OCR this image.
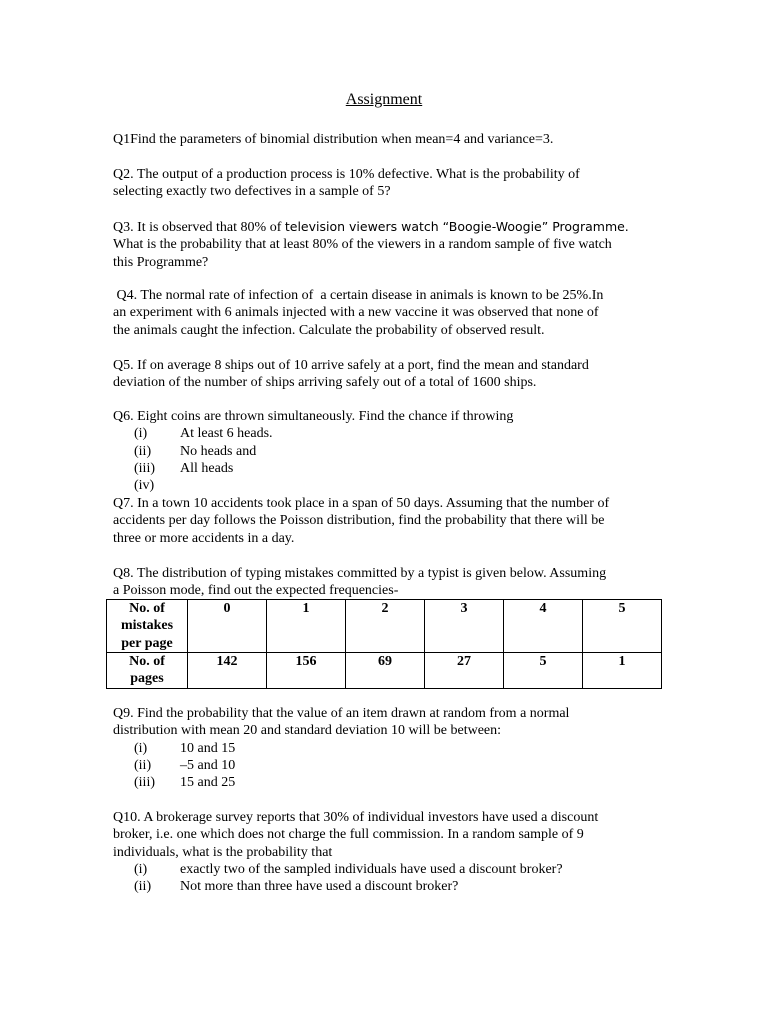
Assignment

Q1Find the parameters of binomial distribution when mean=4 and variance=3.

Q2. The output of a production process is 10% defective. What is the probability of

selecting exactly two defectives in a sample of 5?

Q3. It is observed that 80% of television viewers watch “Boogie-Woogie” Programme.

What is the probability that at least 80% of the viewers in a random sample of five watch

this Programme?

Q4. The normal rate of infection of  a certain disease in animals is known to be 25%.In

an experiment with 6 animals injected with a new vaccine it was observed that none of

the animals caught the infection. Calculate the probability of observed result.

Q5. If on average 8 ships out of 10 arrive safely at a port, find the mean and standard

deviation of the number of ships arriving safely out of a total of 1600 ships.

Q6. Eight coins are thrown simultaneously. Find the chance if throwing

(i)	At least 6 heads.
(ii)	No heads and
(iii)	All heads
(iv)

Q7. In a town 10 accidents took place in a span of 50 days. Assuming that the number of

accidents per day follows the Poisson distribution, find the probability that there will be

three or more accidents in a day.

Q8. The distribution of typing mistakes committed by a typist is given below. Assuming

a Poisson mode, find out the expected frequencies-

No. of
mistakes
per page	0	1	2	3	4	5

No. of
pages	142	156	69	27	5	1

Q9. Find the probability that the value of an item drawn at random from a normal

distribution with mean 20 and standard deviation 10 will be between:

(i)	10 and 15
(ii)	–5 and 10
(iii)	15 and 25

Q10. A brokerage survey reports that 30% of individual investors have used a discount

broker, i.e. one which does not charge the full commission. In a random sample of 9

individuals, what is the probability that

(i)	exactly two of the sampled individuals have used a discount broker?
(ii)	Not more than three have used a discount broker?
